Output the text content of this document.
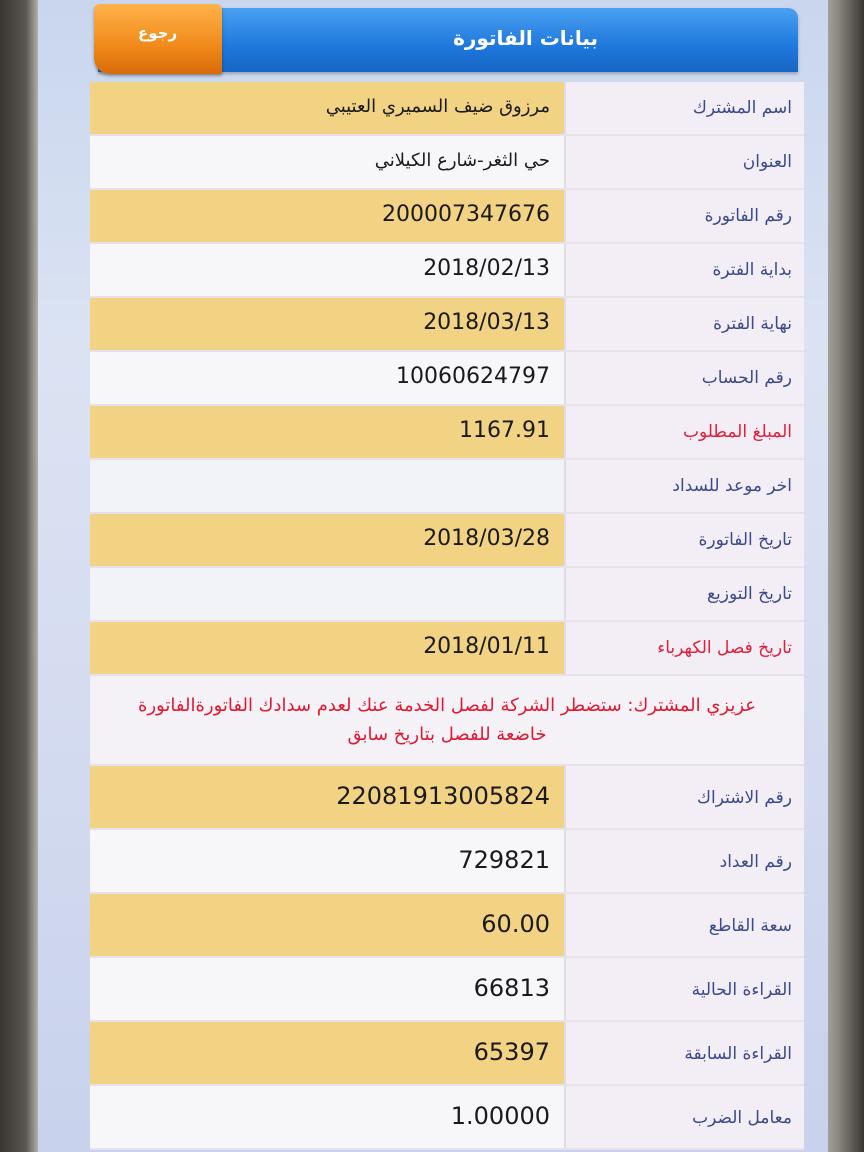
بيانات الفاتورة
رجوع
اسم المشترك
مرزوق ضيف السميري العتيبي
العنوان
حي الثغر-شارع الكيلاني
رقم الفاتورة
200007347676
بداية الفترة
2018/02/13
نهاية الفترة
2018/03/13
رقم الحساب
10060624797
المبلغ المطلوب
1167.91
اخر موعد للسداد
تاريخ الفاتورة
2018/03/28
تاريخ التوزيع
تاريخ فصل الكهرباء
2018/01/11
عزيزي المشترك: ستضطر الشركة لفصل الخدمة عنك لعدم سدادك الفاتورةالفاتورة خاضعة للفصل بتاريخ سابق
رقم الاشتراك
22081913005824
رقم العداد
729821
سعة القاطع
60.00
القراءة الحالية
66813
القراءة السابقة
65397
معامل الضرب
1.00000
